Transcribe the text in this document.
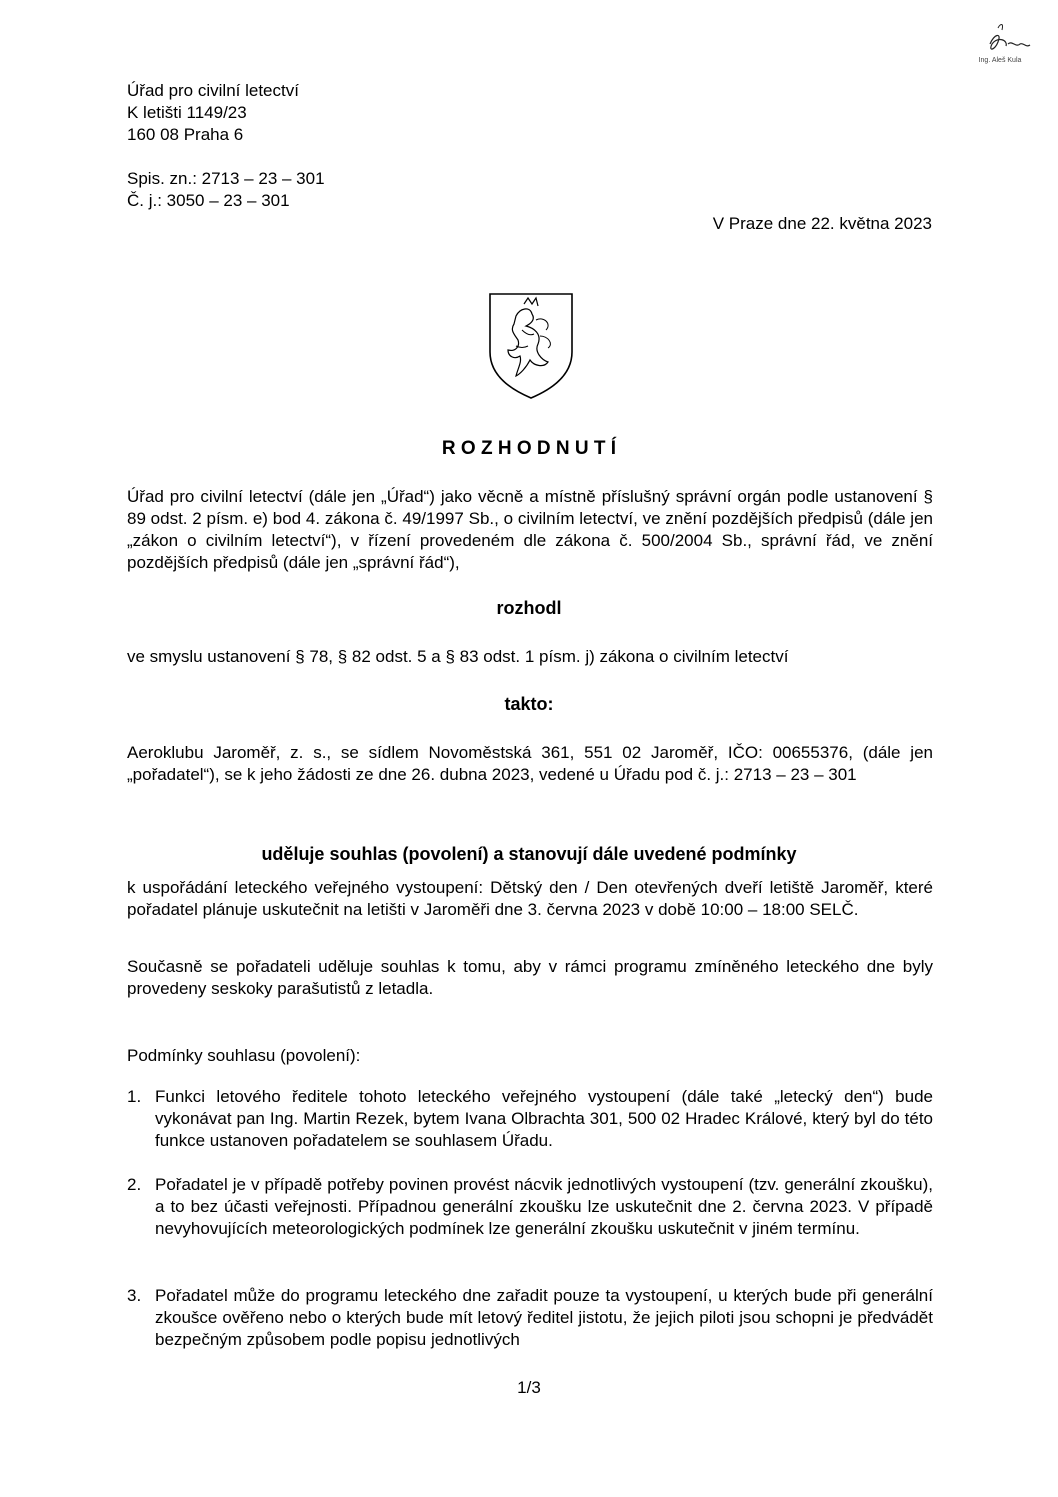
Ing. Aleš Kula
Úřad pro civilní letectví
K letišti 1149/23
160 08 Praha 6
Spis. zn.: 2713 – 23 – 301
Č. j.: 3050 – 23 – 301
V Praze dne 22. května 2023
R O Z H O D N U T Í
Úřad pro civilní letectví (dále jen „Úřad“) jako věcně a místně příslušný správní orgán podle ustanovení § 89 odst. 2 písm. e) bod 4. zákona č. 49/1997 Sb., o civilním letectví, ve znění pozdějších předpisů (dále jen „zákon o civilním letectví“), v řízení provedeném dle zákona č. 500/2004 Sb., správní řád, ve znění pozdějších předpisů (dále jen „správní řád“),
rozhodl
ve smyslu ustanovení § 78, § 82 odst. 5 a § 83 odst. 1 písm. j) zákona o civilním letectví
takto:
Aeroklubu Jaroměř, z. s., se sídlem Novoměstská 361, 551 02 Jaroměř, IČO: 00655376, (dále jen „pořadatel“), se k jeho žádosti ze dne 26. dubna 2023, vedené u Úřadu pod č. j.: 2713 – 23 – 301
uděluje souhlas (povolení) a stanovují dále uvedené podmínky
k uspořádání leteckého veřejného vystoupení: Dětský den / Den otevřených dveří letiště Jaroměř, které pořadatel plánuje uskutečnit na letišti v Jaroměři dne 3. června 2023 v době 10:00 – 18:00 SELČ.
Současně se pořadateli uděluje souhlas k tomu, aby v rámci programu zmíněného leteckého dne byly provedeny seskoky parašutistů z letadla.
Podmínky souhlasu (povolení):
1. Funkci letového ředitele tohoto leteckého veřejného vystoupení (dále také „letecký den“) bude vykonávat pan Ing. Martin Rezek, bytem Ivana Olbrachta 301, 500 02 Hradec Králové, který byl do této funkce ustanoven pořadatelem se souhlasem Úřadu.
2. Pořadatel je v případě potřeby povinen provést nácvik jednotlivých vystoupení (tzv. generální zkoušku), a to bez účasti veřejnosti. Případnou generální zkoušku lze uskutečnit dne 2. června 2023. V případě nevyhovujících meteorologických podmínek lze generální zkoušku uskutečnit v jiném termínu.
3. Pořadatel může do programu leteckého dne zařadit pouze ta vystoupení, u kterých bude při generální zkoušce ověřeno nebo o kterých bude mít letový ředitel jistotu, že jejich piloti jsou schopni je předvádět bezpečným způsobem podle popisu jednotlivých
1/3
